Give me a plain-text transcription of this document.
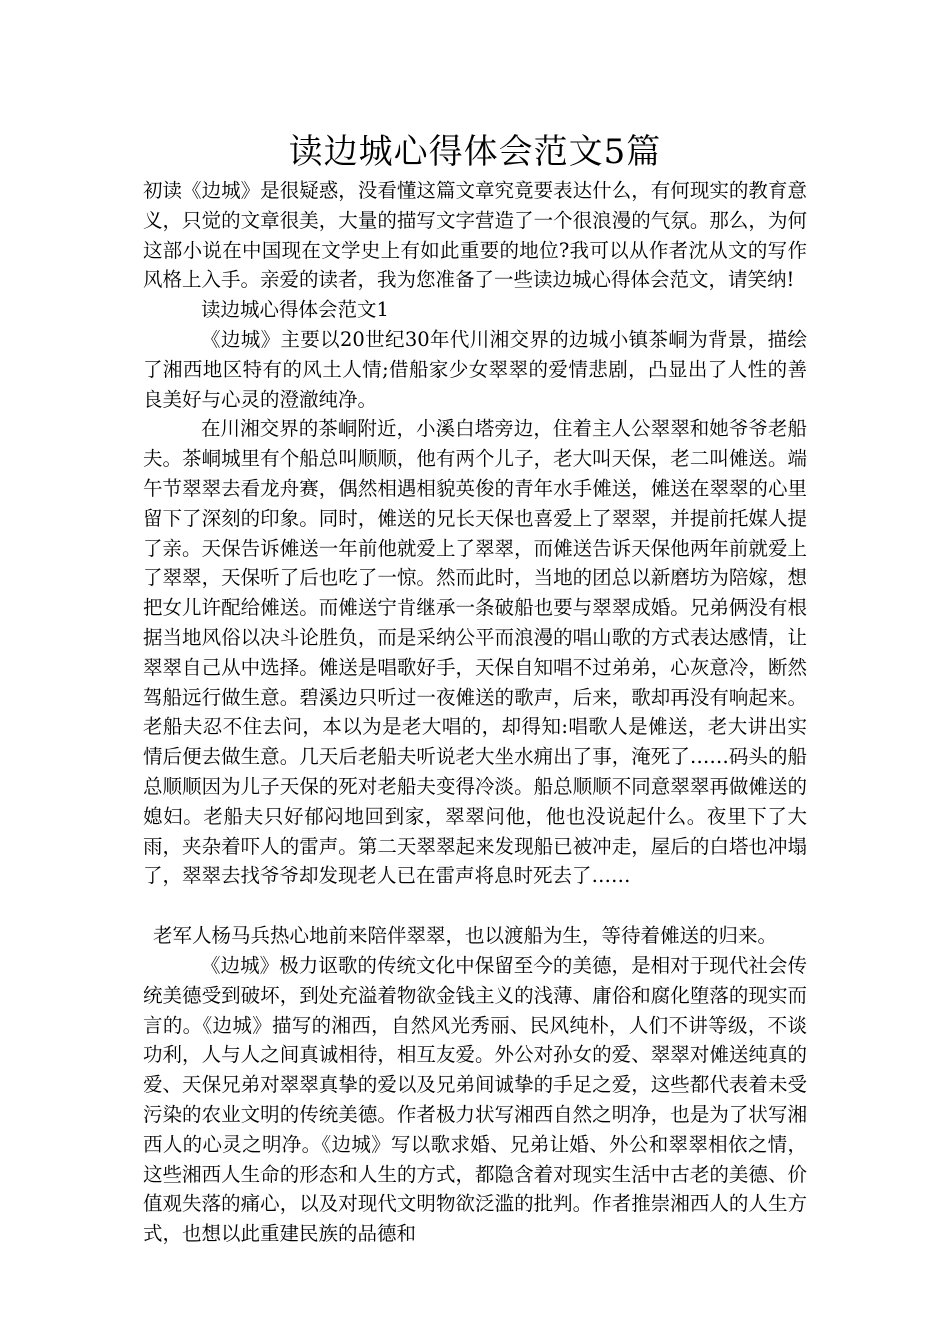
读边城心得体会范文5篇

初读《边城》是很疑惑，没看懂这篇文章究竟要表达什么，有何现实的教育意义，只觉的文章很美，大量的描写文字营造了一个很浪漫的气氛。那么，为何这部小说在中国现在文学史上有如此重要的地位?我可以从作者沈从文的写作风格上入手。亲爱的读者，我为您准备了一些读边城心得体会范文，请笑纳!

读边城心得体会范文1

《边城》主要以20世纪30年代川湘交界的边城小镇茶峒为背景，描绘了湘西地区特有的风土人情;借船家少女翠翠的爱情悲剧，凸显出了人性的善良美好与心灵的澄澈纯净。

在川湘交界的茶峒附近，小溪白塔旁边，住着主人公翠翠和她爷爷老船夫。茶峒城里有个船总叫顺顺，他有两个儿子，老大叫天保，老二叫傩送。端午节翠翠去看龙舟赛，偶然相遇相貌英俊的青年水手傩送，傩送在翠翠的心里留下了深刻的印象。同时，傩送的兄长天保也喜爱上了翠翠，并提前托媒人提了亲。天保告诉傩送一年前他就爱上了翠翠，而傩送告诉天保他两年前就爱上了翠翠，天保听了后也吃了一惊。然而此时，当地的团总以新磨坊为陪嫁，想把女儿许配给傩送。而傩送宁肯继承一条破船也要与翠翠成婚。兄弟俩没有根据当地风俗以决斗论胜负，而是采纳公平而浪漫的唱山歌的方式表达感情，让翠翠自己从中选择。傩送是唱歌好手，天保自知唱不过弟弟，心灰意冷，断然驾船远行做生意。碧溪边只听过一夜傩送的歌声，后来，歌却再没有响起来。老船夫忍不住去问，本以为是老大唱的，却得知:唱歌人是傩送，老大讲出实情后便去做生意。几天后老船夫听说老大坐水痈出了事，淹死了……码头的船总顺顺因为儿子天保的死对老船夫变得冷淡。船总顺顺不同意翠翠再做傩送的媳妇。老船夫只好郁闷地回到家，翠翠问他，他也没说起什么。夜里下了大雨，夹杂着吓人的雷声。第二天翠翠起来发现船已被冲走，屋后的白塔也冲塌了，翠翠去找爷爷却发现老人已在雷声将息时死去了……

老军人杨马兵热心地前来陪伴翠翠，也以渡船为生，等待着傩送的归来。

《边城》极力讴歌的传统文化中保留至今的美德，是相对于现代社会传统美德受到破坏，到处充溢着物欲金钱主义的浅薄、庸俗和腐化堕落的现实而言的。《边城》描写的湘西，自然风光秀丽、民风纯朴，人们不讲等级，不谈功利，人与人之间真诚相待，相互友爱。外公对孙女的爱、翠翠对傩送纯真的爱、天保兄弟对翠翠真挚的爱以及兄弟间诚挚的手足之爱，这些都代表着未受污染的农业文明的传统美德。作者极力状写湘西自然之明净，也是为了状写湘西人的心灵之明净。《边城》写以歌求婚、兄弟让婚、外公和翠翠相依之情，这些湘西人生命的形态和人生的方式，都隐含着对现实生活中古老的美德、价值观失落的痛心，以及对现代文明物欲泛滥的批判。作者推崇湘西人的人生方式，也想以此重建民族的品德和
